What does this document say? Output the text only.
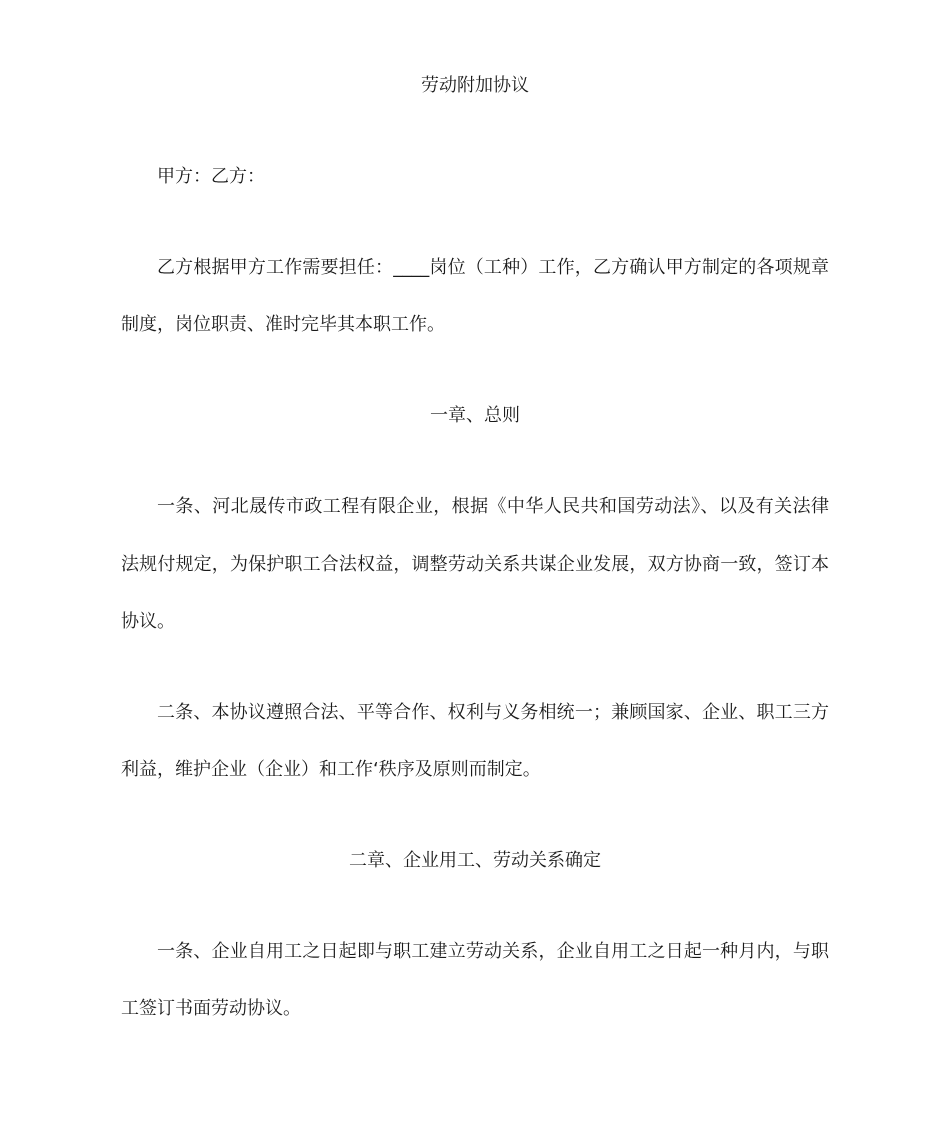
劳动附加协议
甲方：乙方：
乙方根据甲方工作需要担任：____岗位（工种）工作，乙方确认甲方制定的各项规章
制度，岗位职责、准时完毕其本职工作。
一章、总则
一条、河北晟传市政工程有限企业，根据《中华人民共和国劳动法》、以及有关法律
法规付规定，为保护职工合法权益，调整劳动关系共谋企业发展，双方协商一致，签订本
协议。
二条、本协议遵照合法、平等合作、权利与义务相统一；兼顾国家、企业、职工三方
利益，维护企业（企业）和工作‘秩序及原则而制定。
二章、企业用工、劳动关系确定
一条、企业自用工之日起即与职工建立劳动关系，企业自用工之日起一种月内，与职
工签订书面劳动协议。
